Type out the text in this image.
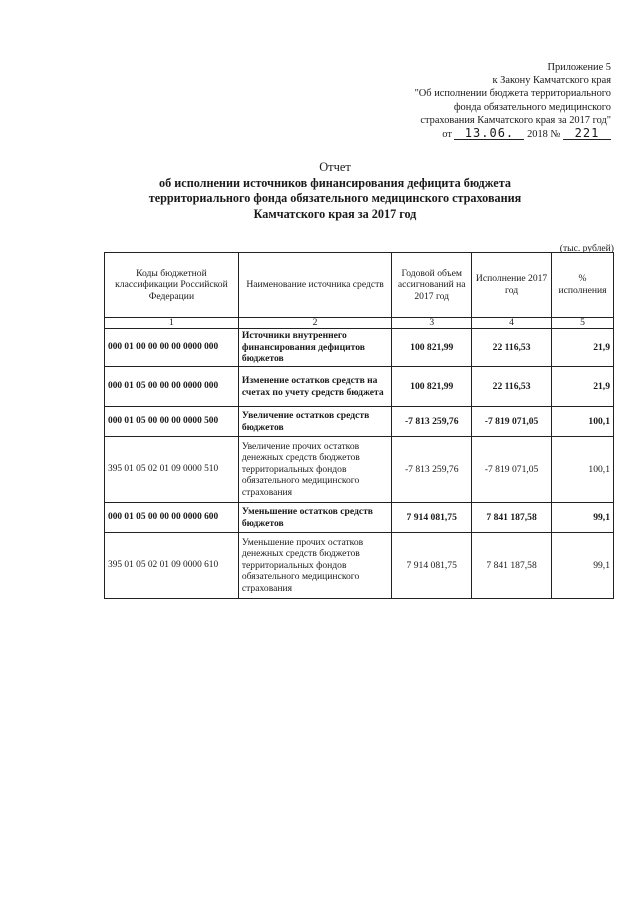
Приложение 5
к Закону Камчатского края
"Об исполнении бюджета территориального
фонда обязательного медицинского
страхования Камчатского края за 2017 год"
от 13.06. 2018 № 221
Отчет
об исполнении источников финансирования дефицита бюджета
территориального фонда обязательного медицинского страхования
Камчатского края за 2017 год
(тыс. рублей)
Коды бюджетной классификации Российской Федерации	Наименование источника средств	Годовой объем ассигнований на 2017 год	Исполнение 2017 год	% исполнения
1	2	3	4	5
000 01 00 00 00 00 0000 000	Источники внутреннего финансирования дефицитов бюджетов	100 821,99	22 116,53	21,9
000 01 05 00 00 00 0000 000	Изменение остатков средств на счетах по учету средств бюджета	100 821,99	22 116,53	21,9
000 01 05 00 00 00 0000 500	Увеличение остатков средств бюджетов	-7 813 259,76	-7 819 071,05	100,1
395 01 05 02 01 09 0000 510	Увеличение прочих остатков денежных средств бюджетов территориальных фондов обязательного медицинского страхования	-7 813 259,76	-7 819 071,05	100,1
000 01 05 00 00 00 0000 600	Уменьшение остатков средств бюджетов	7 914 081,75	7 841 187,58	99,1
395 01 05 02 01 09 0000 610	Уменьшение прочих остатков денежных средств бюджетов территориальных фондов обязательного медицинского страхования	7 914 081,75	7 841 187,58	99,1
